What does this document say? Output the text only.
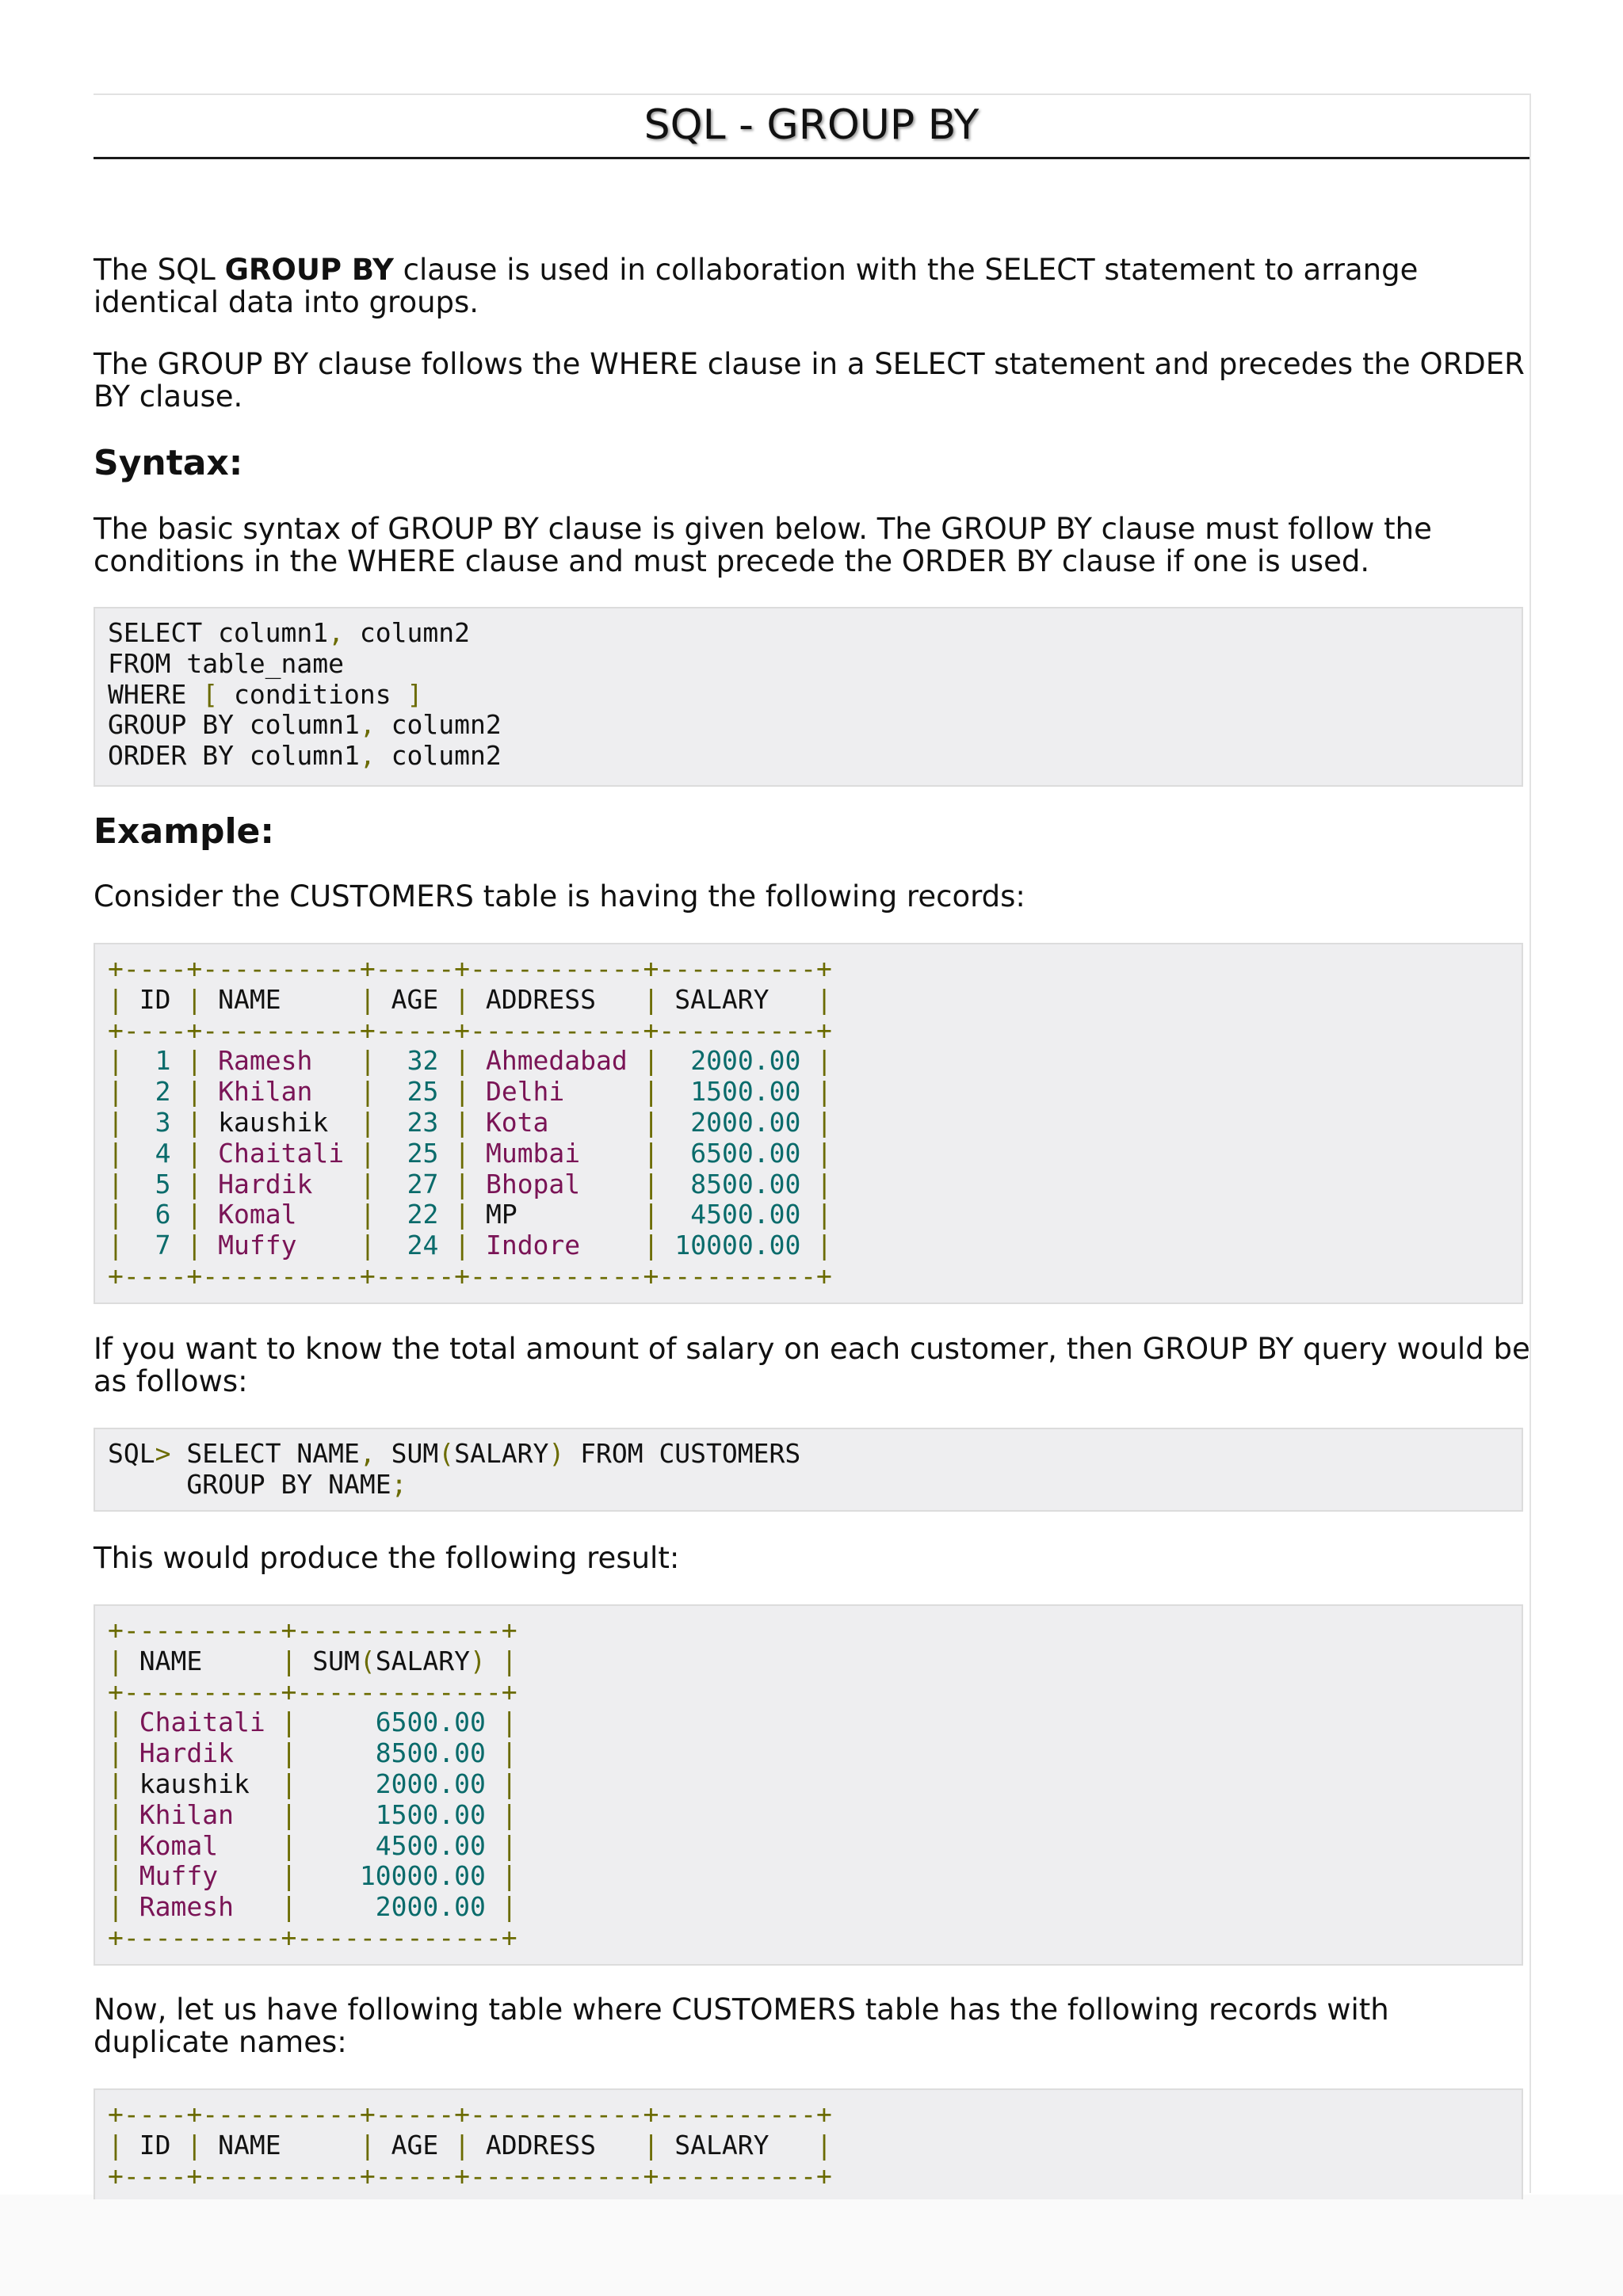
SQL - GROUP BY

The SQL GROUP BY clause is used in collaboration with the SELECT statement to arrange identical data into groups.

The GROUP BY clause follows the WHERE clause in a SELECT statement and precedes the ORDER BY clause.

Syntax:

The basic syntax of GROUP BY clause is given below. The GROUP BY clause must follow the conditions in the WHERE clause and must precede the ORDER BY clause if one is used.

SELECT column1, column2
FROM table_name
WHERE [ conditions ]
GROUP BY column1, column2
ORDER BY column1, column2
Example:

Consider the CUSTOMERS table is having the following records:

+----+----------+-----+-----------+----------+
| ID | NAME     | AGE | ADDRESS   | SALARY   |
+----+----------+-----+-----------+----------+
| 1 | Ramesh | 32 | Ahmedabad | 2000.00 |
| 2 | Khilan | 25 | Delhi	| 1500.00 |
| 3 | kaushik  | 23 | Kota	| 2000.00 |
| 4 | Chaitali | 25 | Mumbai | 6500.00 |
| 5 | Hardik | 27 | Bhopal | 8500.00 |
| 6 | Komal | 22 | MP        | 4500.00 |
| 7 | Muffy | 24 | Indore | 10000.00 |
+----+----------+-----+-----------+----------+

If you want to know the total amount of salary on each customer, then GROUP BY query would be as follows:

SQL> SELECT NAME, SUM(SALARY) FROM CUSTOMERS
GROUP BY NAME;

This would produce the following result:

+----------+-------------+
| NAME     | SUM(SALARY) |
+----------+-------------+
| Chaitali |	6500.00 |
| Hardik |	8500.00 |
| kaushik  |	2000.00 |
| Khilan |	1500.00 |
| Komal |	4500.00 |
| Muffy | 10000.00 |
| Ramesh |	2000.00 |
+----------+-------------+

Now, let us have following table where CUSTOMERS table has the following records with duplicate names:

+----+----------+-----+-----------+----------+
| ID | NAME     | AGE | ADDRESS   | SALARY   |
+----+----------+-----+-----------+----------+
